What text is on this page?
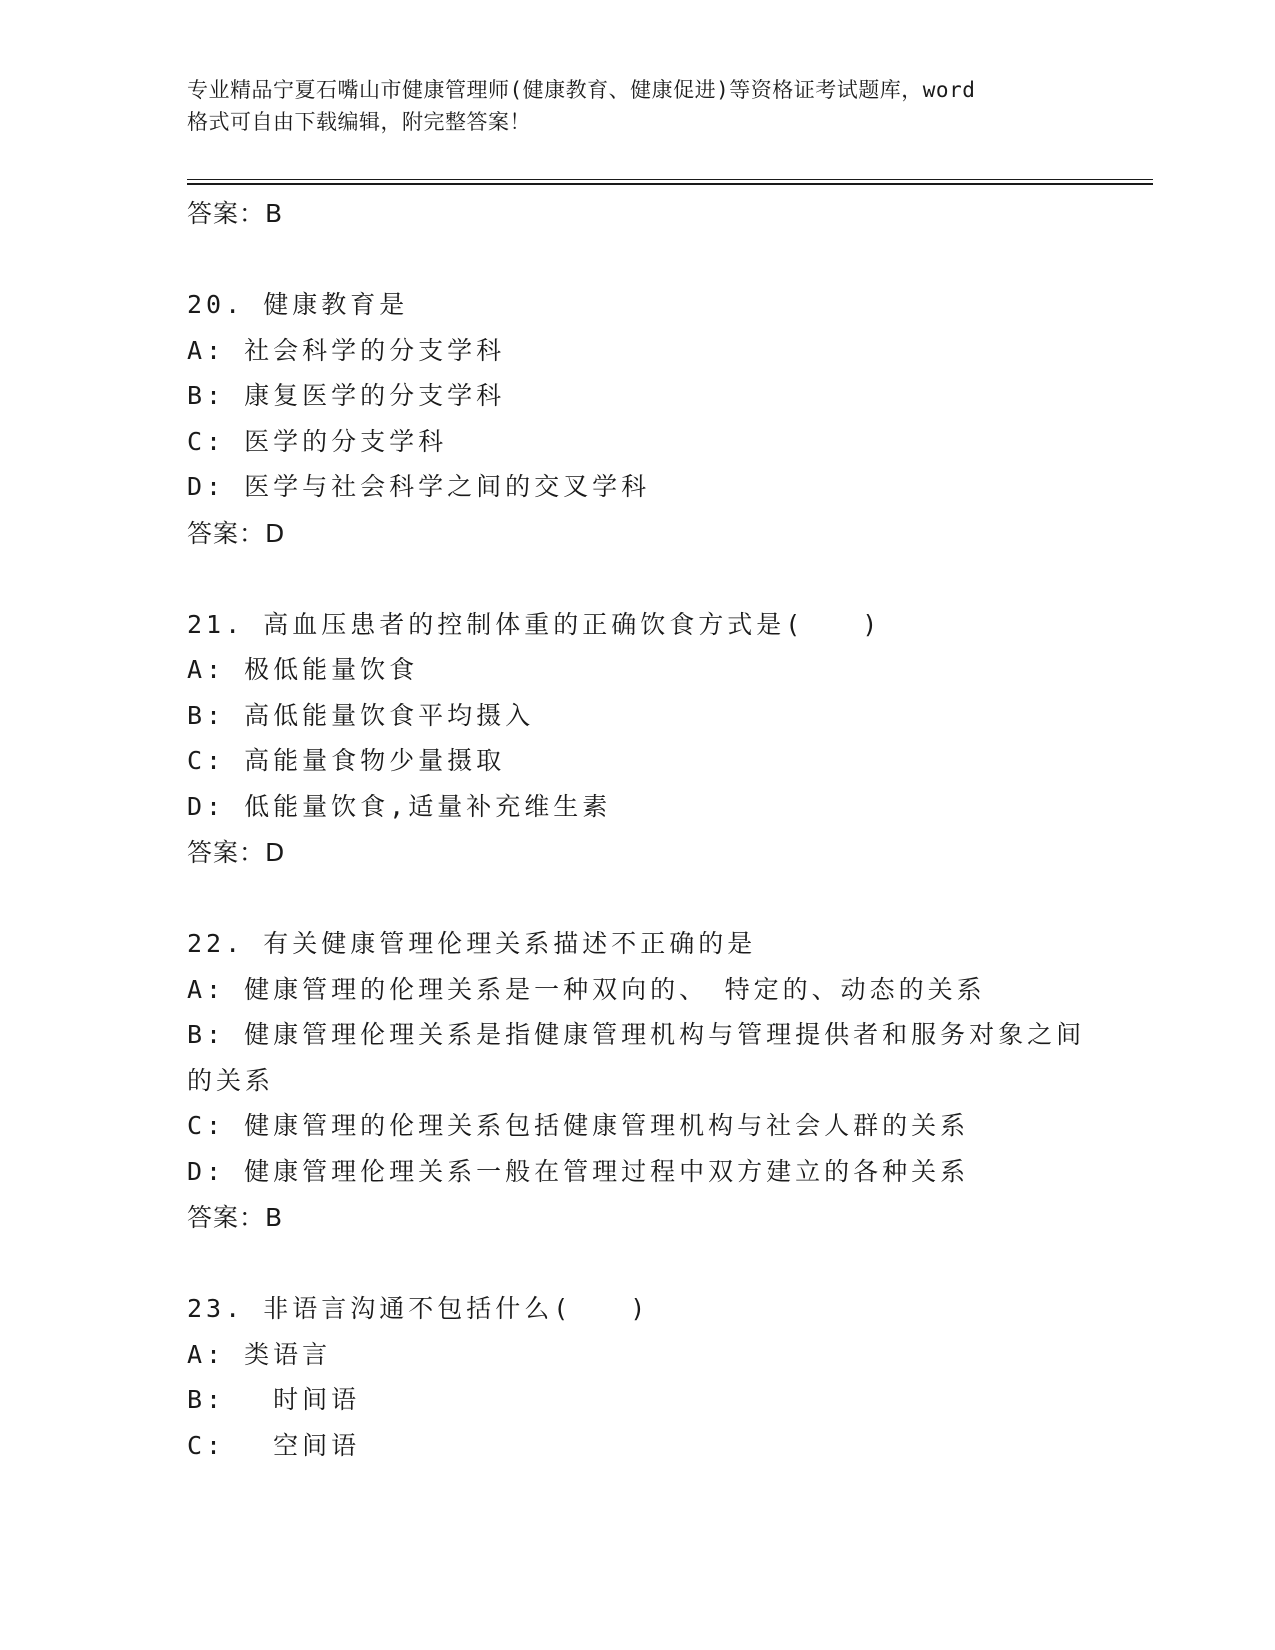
专业精品宁夏石嘴山市健康管理师(健康教育、健康促进)等资格证考试题库，word
格式可自由下载编辑，附完整答案！
答案：B
20. 健康教育是
A: 社会科学的分支学科
B: 康复医学的分支学科
C: 医学的分支学科
D: 医学与社会科学之间的交叉学科
答案：D
21. 高血压患者的控制体重的正确饮食方式是(　　)
A: 极低能量饮食
B: 高低能量饮食平均摄入
C: 高能量食物少量摄取
D: 低能量饮食,适量补充维生素
答案：D
22. 有关健康管理伦理关系描述不正确的是
A: 健康管理的伦理关系是一种双向的、　特定的、动态的关系
B: 健康管理伦理关系是指健康管理机构与管理提供者和服务对象之间的关系
C: 健康管理的伦理关系包括健康管理机构与社会人群的关系
D: 健康管理伦理关系一般在管理过程中双方建立的各种关系
答案：B
23. 非语言沟通不包括什么(　　)
A: 类语言
B: 　时间语
C: 　空间语
